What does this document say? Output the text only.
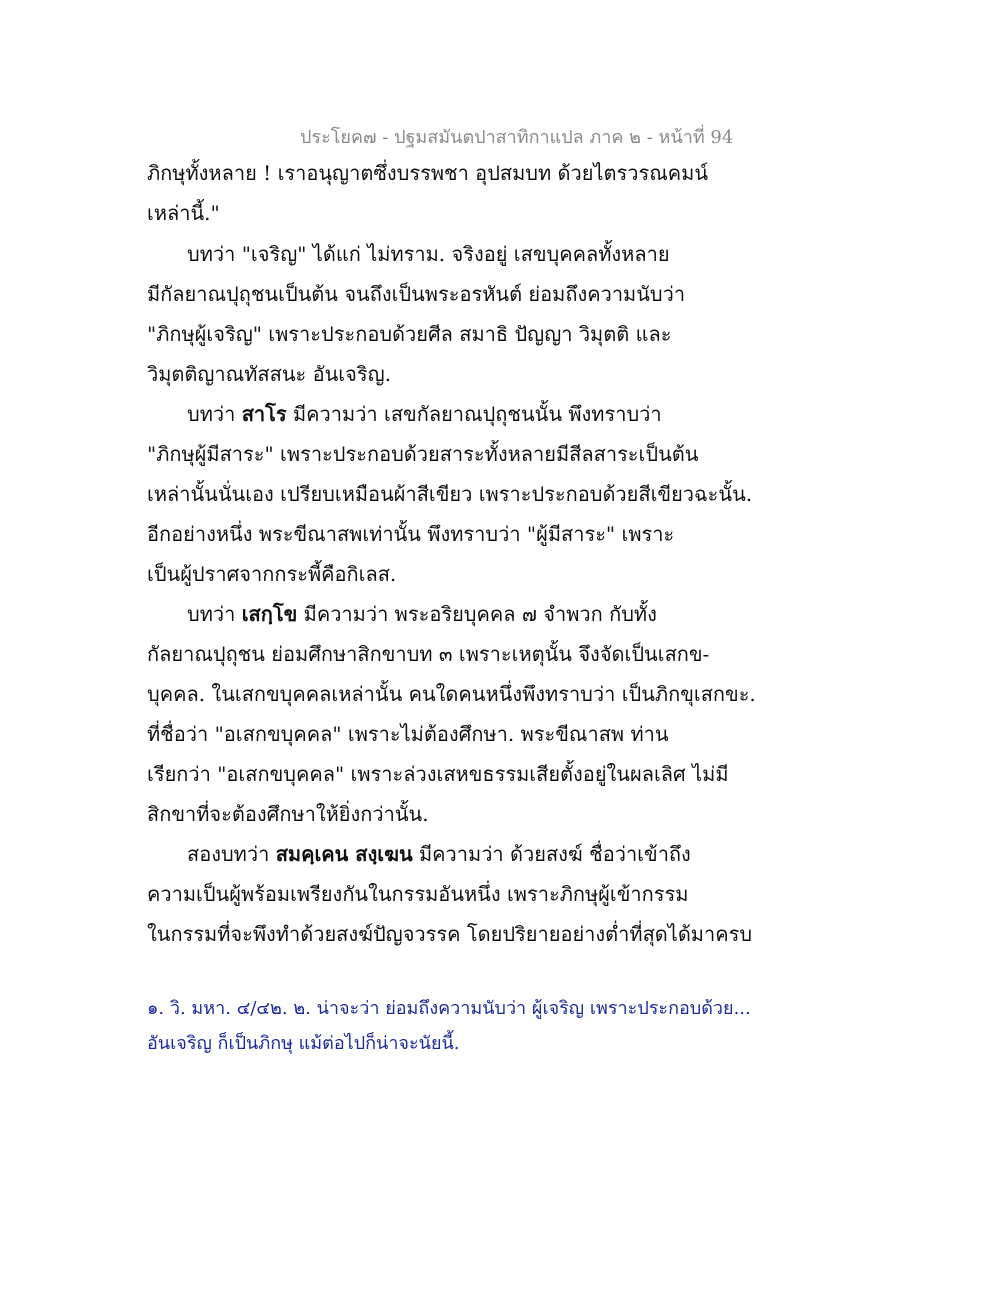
ประโยค๗ - ปฐมสมันตปาสาทิกาแปล ภาค ๒ - หน้าที่ 94
ภิกษุทั้งหลาย ! เราอนุญาตซึ่งบรรพชา อุปสมบท ด้วยไตรวรณคมน์
เหล่านี้."
บทว่า "เจริญ" ได้แก่ ไม่ทราม. จริงอยู่ เสขบุคคลทั้งหลาย
มีกัลยาณปุถุชนเป็นต้น จนถึงเป็นพระอรหันต์ ย่อมถึงความนับว่า
"ภิกษุผู้เจริญ" เพราะประกอบด้วยศีล สมาธิ ปัญญา วิมุตติ และ
วิมุตติญาณทัสสนะ อันเจริญ.
บทว่า สาโร มีความว่า เสขกัลยาณปุถุชนนั้น พึงทราบว่า
"ภิกษุผู้มีสาระ" เพราะประกอบด้วยสาระทั้งหลายมีสีลสาระเป็นต้น
เหล่านั้นนั่นเอง เปรียบเหมือนผ้าสีเขียว เพราะประกอบด้วยสีเขียวฉะนั้น.
อีกอย่างหนึ่ง พระขีณาสพเท่านั้น พึงทราบว่า "ผู้มีสาระ" เพราะ
เป็นผู้ปราศจากกระพี้คือกิเลส.
บทว่า เสกฺโข มีความว่า พระอริยบุคคล ๗ จำพวก กับทั้ง
กัลยาณปุถุชน ย่อมศึกษาสิกขาบท ๓ เพราะเหตุนั้น จึงจัดเป็นเสกข-
บุคคล. ในเสกขบุคคลเหล่านั้น คนใดคนหนึ่งพึงทราบว่า เป็นภิกขุเสกขะ.
ที่ชื่อว่า "อเสกขบุคคล" เพราะไม่ต้องศึกษา. พระขีณาสพ ท่าน
เรียกว่า "อเสกขบุคคล" เพราะล่วงเสหขธรรมเสียตั้งอยู่ในผลเลิศ ไม่มี
สิกขาที่จะต้องศึกษาให้ยิ่งกว่านั้น.
สองบทว่า สมคฺเคน สงฺเฆน มีความว่า ด้วยสงฆ์ ชื่อว่าเข้าถึง
ความเป็นผู้พร้อมเพรียงกันในกรรมอันหนึ่ง เพราะภิกษุผู้เข้ากรรม
ในกรรมที่จะพึงทำด้วยสงฆ์ปัญจวรรค โดยปริยายอย่างต่ำที่สุดได้มาครบ
๑. วิ. มหา. ๔/๔๒. ๒. น่าจะว่า ย่อมถึงความนับว่า ผู้เจริญ เพราะประกอบด้วย...
อันเจริญ ก็เป็นภิกษุ แม้ต่อไปก็น่าจะนัยนี้.
